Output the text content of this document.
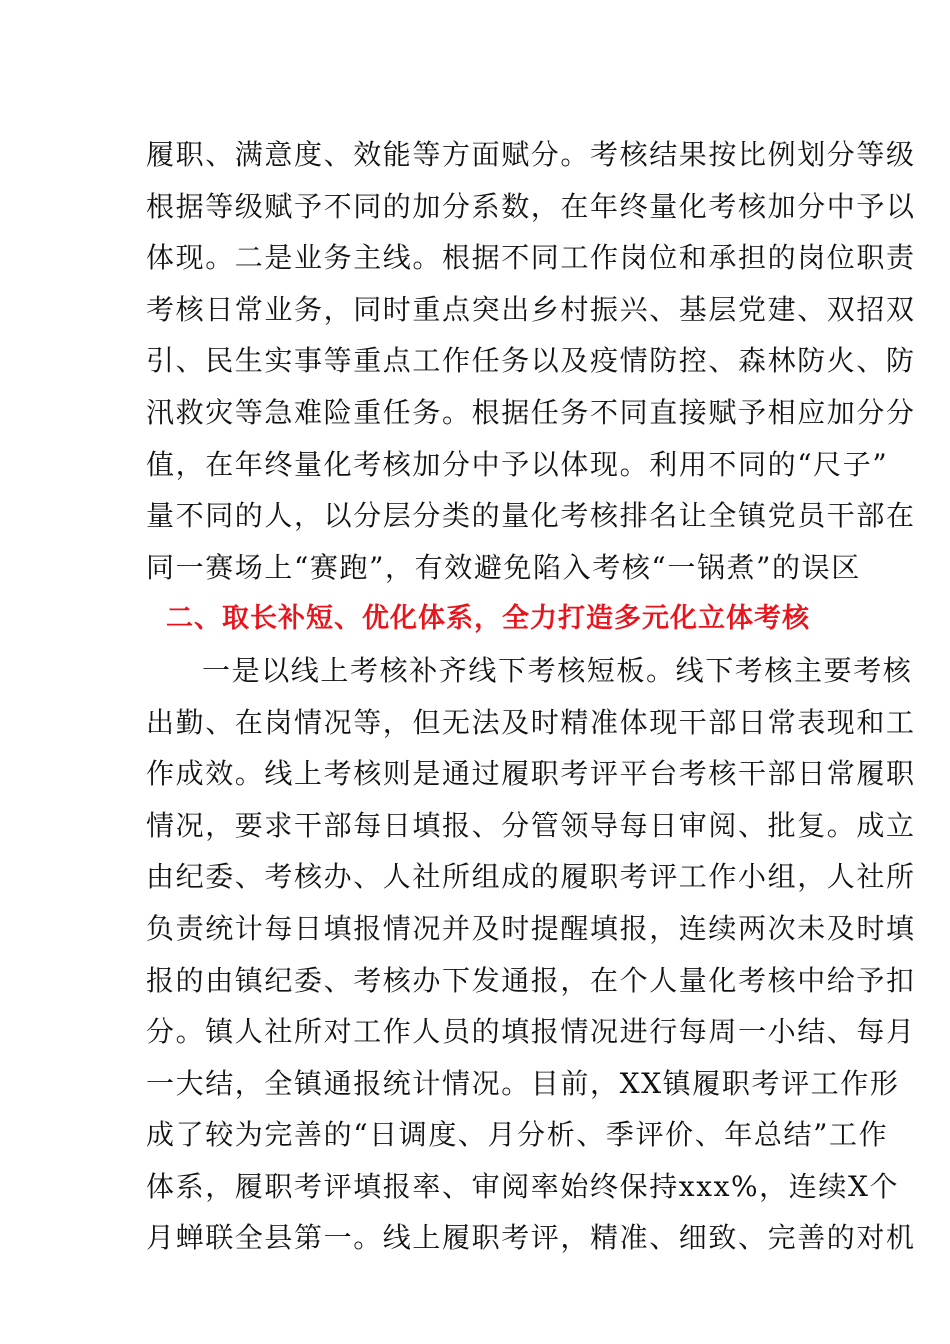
履职、满意度、效能等方面赋分。考核结果按比例划分等级
根据等级赋予不同的加分系数，在年终量化考核加分中予以
体现。二是业务主线。根据不同工作岗位和承担的岗位职责
考核日常业务，同时重点突出乡村振兴、基层党建、双招双
引、民生实事等重点工作任务以及疫情防控、森林防火、防
汛救灾等急难险重任务。根据任务不同直接赋予相应加分分
值，在年终量化考核加分中予以体现。利用不同的“尺子”
量不同的人，以分层分类的量化考核排名让全镇党员干部在
同一赛场上“赛跑”，有效避免陷入考核“一锅煮”的误区
二、取长补短、优化体系，全力打造多元化立体考核
一是以线上考核补齐线下考核短板。线下考核主要考核
出勤、在岗情况等，但无法及时精准体现干部日常表现和工
作成效。线上考核则是通过履职考评平台考核干部日常履职
情况，要求干部每日填报、分管领导每日审阅、批复。成立
由纪委、考核办、人社所组成的履职考评工作小组，人社所
负责统计每日填报情况并及时提醒填报，连续两次未及时填
报的由镇纪委、考核办下发通报，在个人量化考核中给予扣
分。镇人社所对工作人员的填报情况进行每周一小结、每月
一大结，全镇通报统计情况。目前，XX镇履职考评工作形
成了较为完善的“日调度、月分析、季评价、年总结”工作
体系，履职考评填报率、审阅率始终保持xxx%，连续X个
月蝉联全县第一。线上履职考评，精准、细致、完善的对机
